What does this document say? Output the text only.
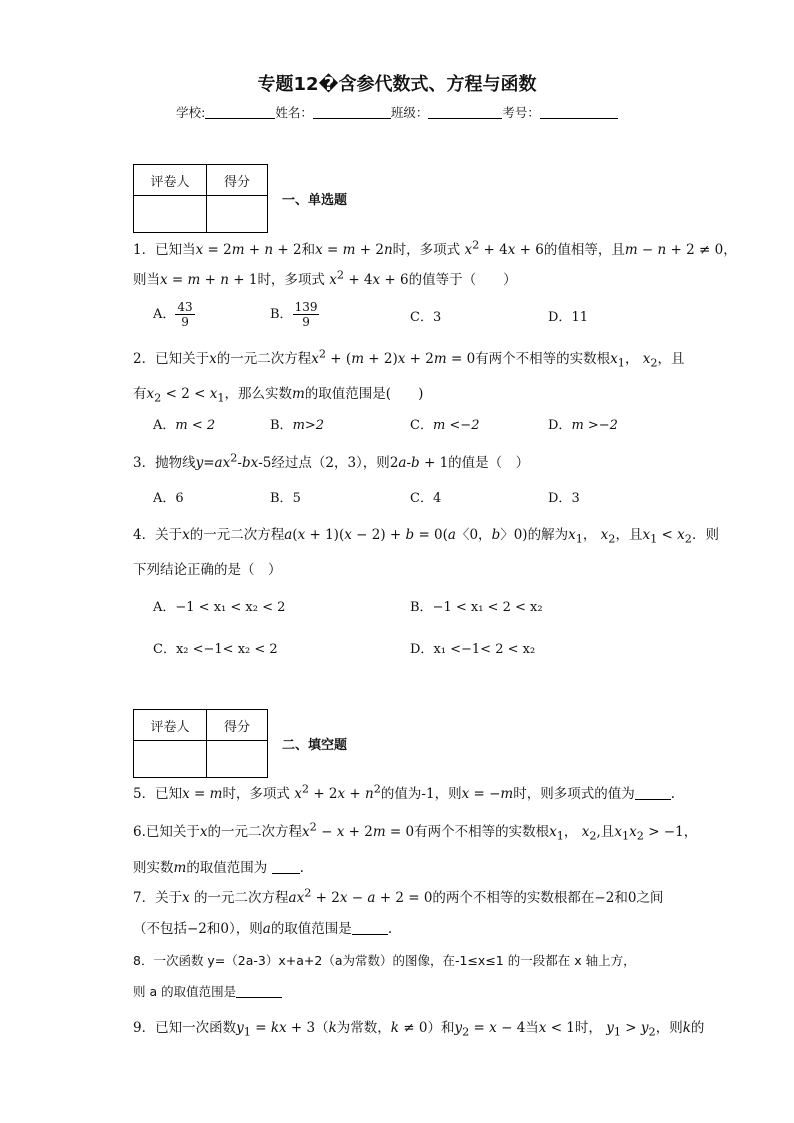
专题12�含参代数式、方程与函数
学校:	姓名：	班级：	考号：
评卷人	得分

一、单选题
1．已知当x = 2m + n + 2和x = m + 2n时，多项式 $x^2 + 4x + 6$的值相等，且m − n + 2 ≠ 0，
则当x = m + n + 1时，多项式 $x^2 + 4x + 6$的值等于（　　）
A． $\frac{43}{9}$	B． $\frac{139}{9}$	C．3	D．11
2．已知关于x的一元二次方程$x^2 + (m + 2)x + 2m = 0$有两个不相等的实数根$x_1$， $x_2$，且
有$x_2 < 2 < x_1$，那么实数m的取值范围是(　　)
A．m < 2	B．m>2	C．m <−2	D．m >−2
3．抛物线$y=ax^2-bx-5$经过点（2，3），则2a-b + 1的值是（　）
A．6	B．5	C．4	D．3
4．关于x的一元二次方程a(x + 1)(x − 2) + b = 0(a〈0，b〉0)的解为$x_1$， $x_2$，且$x_1 < x_2$．则
下列结论正确的是（　）
A．−1 < x₁ < x₂ < 2	B．−1 < x₁ < 2 < x₂
C．x₂ <−1< x₂ < 2	D．x₁ <−1< 2 < x₂
评卷人	得分

二、填空题
5．已知x = m时，多项式 $x^2 + 2x + n^2$的值为-1，则x = −m时，则多项式的值为	.
6.已知关于x的一元二次方程$x^2 - x + 2m = 0$有两个不相等的实数根$x_1$， $x_2$,且$x_1x_2 > -1$，
则实数m的取值范围为 .
7．关于x 的一元二次方程$ax^2 + 2x - a + 2 = 0$的两个不相等的实数根都在−2和0之间
（不包括−2和0），则a的取值范围是	.
8．一次函数 y=（2a-3）x+a+2（a为常数）的图像，在-1≤x≤1 的一段都在 x 轴上方，
则 a 的取值范围是
9．已知一次函数$y_1$ = kx + 3（k为常数，k ≠ 0）和$y_2 = x - 4$当x < 1时， $y_1 > y_2$，则k的
